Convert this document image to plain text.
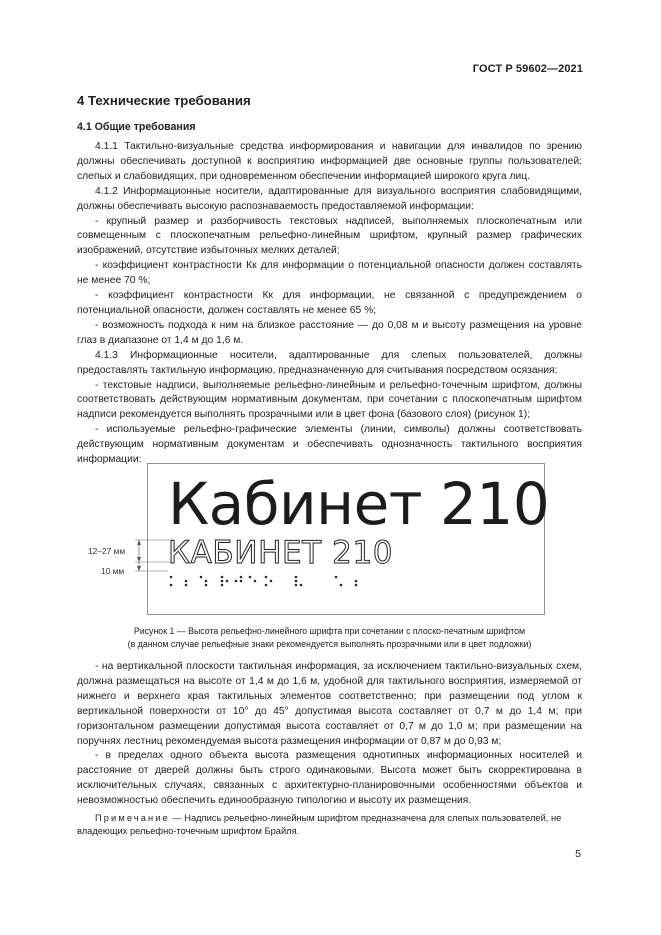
ГОСТ Р 59602—2021
4 Технические требования
4.1 Общие требования

4.1.1 Тактильно-визуальные средства информирования и навигации для инвалидов по зрению должны обеспечивать доступной к восприятию информацией две основные группы пользователей: слепых и слабовидящих, при одновременном обеспечении информацией широкого круга лиц.

4.1.2 Информационные носители, адаптированные для визуального восприятия слабовидящими, должны обеспечивать высокую распознаваемость предоставляемой информации:

- крупный размер и разборчивость текстовых надписей, выполняемых плоскопечатным или совмещенным с плоскопечатным рельефно-линейным шрифтом, крупный размер графических изображений, отсутствие избыточных мелких деталей;

- коэффициент контрастности Кк для информации о потенциальной опасности должен составлять не менее 70 %;

- коэффициент контрастности Кк для информации, не связанной с предупреждением о потенциальной опасности, должен составлять не менее 65 %;

- возможность подхода к ним на близкое расстояние — до 0,08 м и высоту размещения на уровне глаз в диапазоне от 1,4 м до 1,6 м.

4.1.3 Информационные носители, адаптированные для слепых пользователей, должны предоставлять тактильную информацию, предназначенную для считывания посредством осязания:

- текстовые надписи, выполняемые рельефно-линейным и рельефно-точечным шрифтом, должны соответствовать действующим нормативным документам, при сочетании с плоскопечатным шрифтом надписи рекомендуется выполнять прозрачными или в цвет фона (базового слоя) (рисунок 1);

- используемые рельефно-графические элементы (линии, символы) должны соответствовать действующим нормативным документам и обеспечивать однозначность тактильного восприятия информации:

Кабинет 210
КАБИНЕТ 210
12–27 мм
10 мм
Рисунок 1 — Высота рельефно-линейного шрифта при сочетании с плоско-печатным шрифтом
(в данном случае рельефные знаки рекомендуется выполнять прозрачными или в цвет подложки)

- на вертикальной плоскости тактильная информация, за исключением тактильно-визуальных схем, должна размещаться на высоте от 1,4 м до 1,6 м, удобной для тактильного восприятия, измеряемой от нижнего и верхнего края тактильных элементов соответственно; при размещении под углом к вертикальной поверхности от 10° до 45° допустимая высота составляет от 0,7 м до 1,4 м; при горизонтальном размещении допустимая высота составляет от 0,7 м до 1,0 м; при размещении на поручнях лестниц рекомендуемая высота размещения информации от 0,87 м до 0,93 м;

- в пределах одного объекта высота размещения однотипных информационных носителей и расстояние от дверей должны быть строго одинаковыми. Высота может быть скорректирована в исключительных случаях, связанных с архитектурно-планировочными особенностями объектов и невозможностью обеспечить единообразную типологию и высоту их размещения.

Примечание — Надпись рельефно-линейным шрифтом предназначена для слепых пользователей, не владеющих рельефно-точечным шрифтом Брайля.
5
